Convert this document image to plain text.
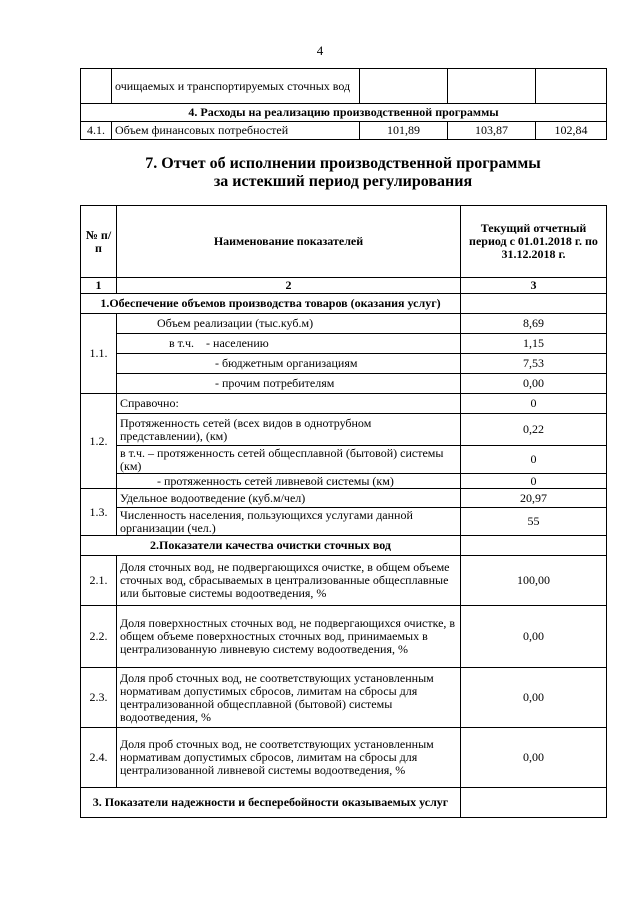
4
	очищаемых и транспортируемых сточных вод			
4. Расходы на реализацию производственной программы				
4.1.	Объем финансовых потребностей	101,89	103,87	102,84
7. Отчет об исполнении производственной программы
за истекший период регулирования
№ п/п	Наименование показателей	Текущий отчетный период с 01.01.2018 г. по 31.12.2018 г.
1	2	3
1.Обеспечение объемов производства товаров (оказания услуг)		
1.1.	Объем реализации (тыс.куб.м)	8,69
	в т.ч.    - населению	1,15
	- бюджетным организациям	7,53
	- прочим потребителям	0,00
1.2.	Справочно:	0
	Протяженность сетей (всех видов в однотрубном представлении), (км)	0,22
	в т.ч. – протяженность сетей общесплавной (бытовой) системы (км)	0
	- протяженность сетей ливневой системы (км)	0
1.3.	Удельное водоотведение (куб.м/чел)	20,97
	Численность населения, пользующихся услугами данной организации (чел.)	55
2.Показатели качества очистки сточных вод		
2.1.	Доля сточных вод, не подвергающихся очистке, в общем объеме сточных вод, сбрасываемых в централизованные общесплавные или бытовые системы водоотведения, %	100,00
2.2.	Доля поверхностных сточных вод, не подвергающихся очистке, в общем объеме поверхностных сточных вод, принимаемых в централизованную ливневую систему водоотведения, %	0,00
2.3.	Доля проб сточных вод, не соответствующих установленным нормативам допустимых сбросов, лимитам на сбросы для централизованной общесплавной (бытовой) системы водоотведения, %	0,00
2.4.	Доля проб сточных вод, не соответствующих установленным нормативам допустимых сбросов, лимитам на сбросы для централизованной ливневой системы водоотведения, %	0,00
3. Показатели надежности и бесперебойности оказываемых услуг		
